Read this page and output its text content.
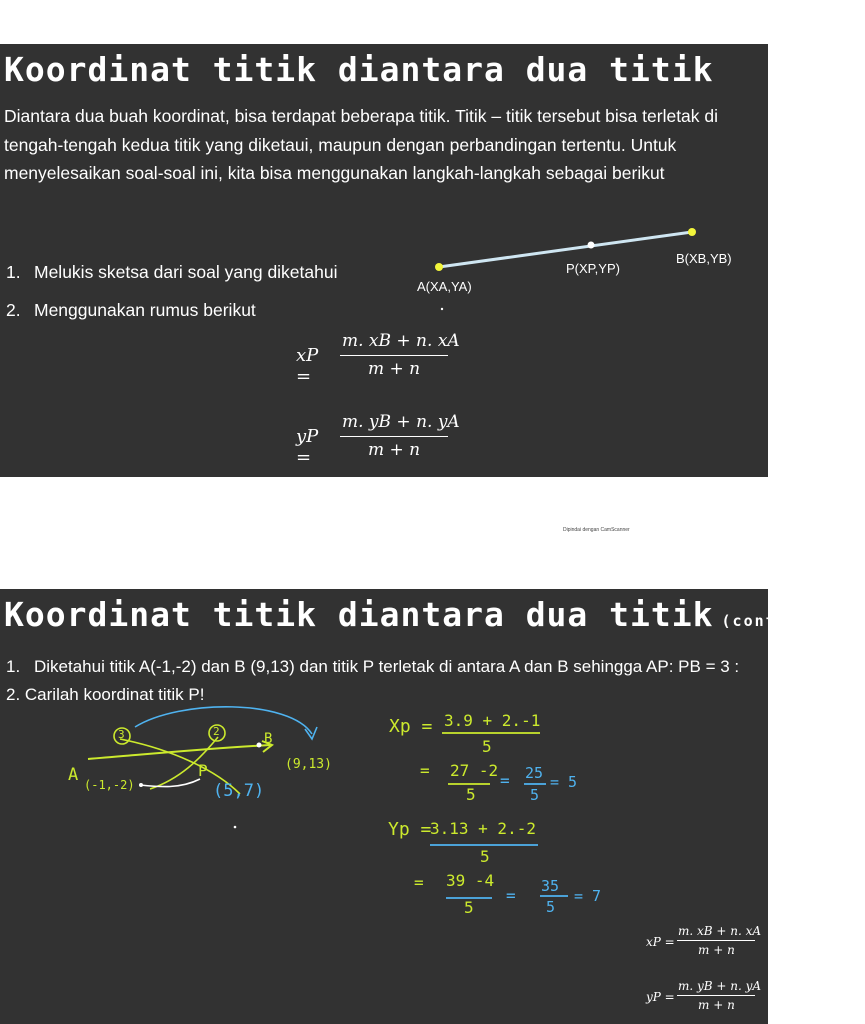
Koordinat titik diantara dua titik
Diantara dua buah koordinat, bisa terdapat beberapa titik. Titik – titik tersebut bisa terletak di tengah-tengah kedua titik yang diketaui, maupun dengan perbandingan tertentu. Untuk menyelesaikan soal-soal ini, kita bisa menggunakan langkah-langkah sebagai berikut
1. Melukis sketsa dari soal yang diketahui
2. Menggunakan rumus berikut
A(XA,YA)
P(XP,YP)
B(XB,YB)
xP =
m. xB + n. xA
m + n
yP =
m. yB + n. yA
m + n
Dipindai dengan CamScanner
Koordinat titik diantara dua titik (contoh soal)
A (-1,-2)
B
(9,13)
P
(5,7)
3	2	Xp = 3.9 + 2.-1
5
= 27 -2
5
= 25
5
= 5
Yp =
3.13 + 2.-2
5
= 39 -4
5
= 35
5
= 7
xP =
m. xB + n. xA
m + n
yP =
m. yB + n. yA
m + n
1. Diketahui titik A(-1,-2) dan B (9,13) dan titik P terletak di antara A dan B sehingga AP: PB = 3 : 2. Carilah koordinat titik P!
